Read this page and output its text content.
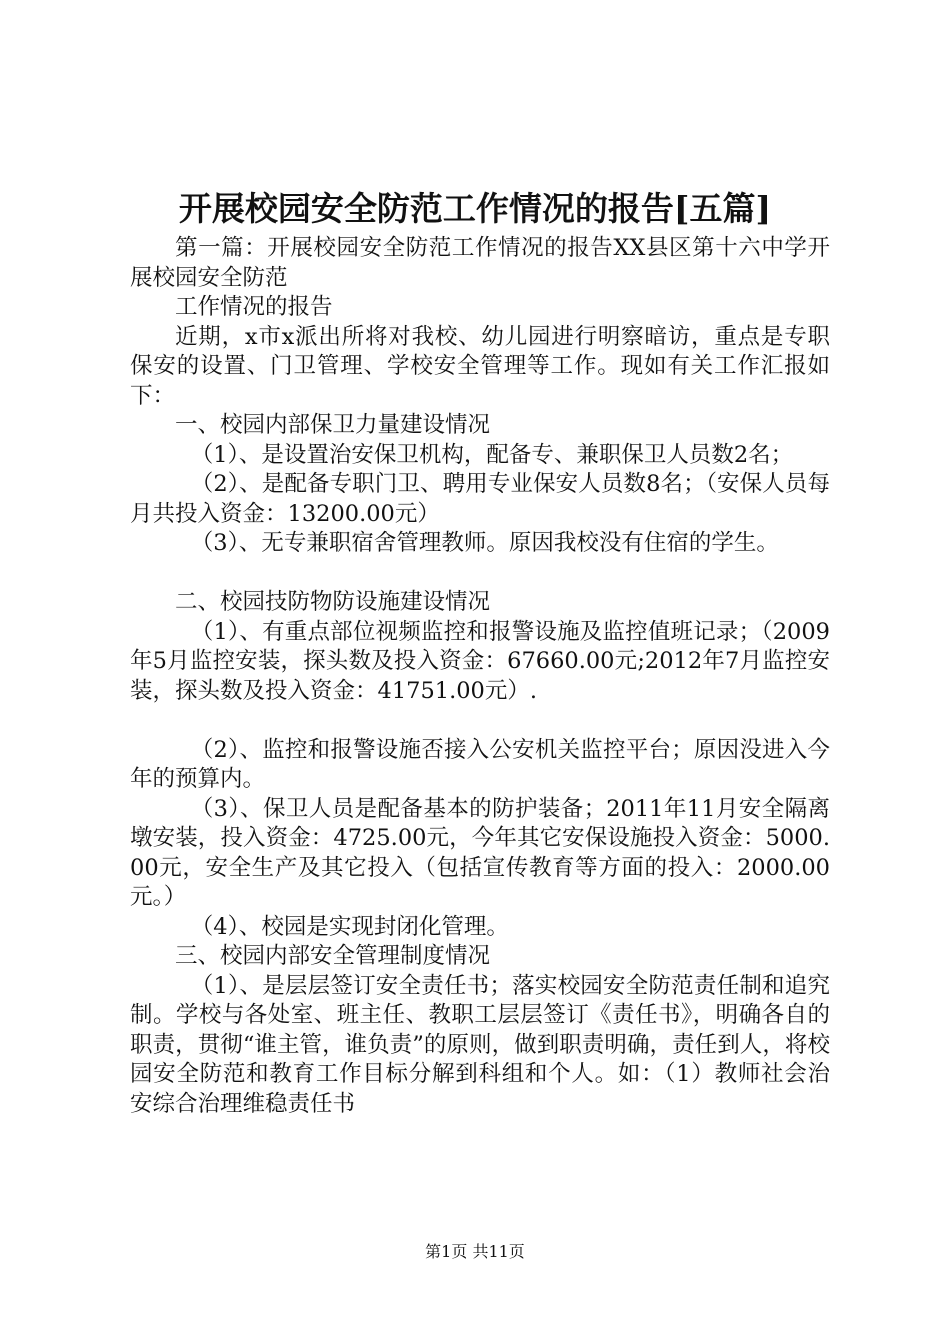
开展校园安全防范工作情况的报告[五篇]

第一篇：开展校园安全防范工作情况的报告XX县区第十六中学开展校园安全防范

工作情况的报告

近期，x市x派出所将对我校、幼儿园进行明察暗访，重点是专职保安的设置、门卫管理、学校安全管理等工作。现如有关工作汇报如下：

一、校园内部保卫力量建设情况

（1）、是设置治安保卫机构，配备专、兼职保卫人员数2名；

（2）、是配备专职门卫、聘用专业保安人员数8名；（安保人员每月共投入资金：13200.00元）

（3）、无专兼职宿舍管理教师。原因我校没有住宿的学生。

二、校园技防物防设施建设情况

（1）、有重点部位视频监控和报警设施及监控值班记录；（2009年5月监控安装，探头数及投入资金：67660.00元;2012年7月监控安装，探头数及投入资金：41751.00元）.

（2）、监控和报警设施否接入公安机关监控平台；原因没进入今年的预算内。

（3）、保卫人员是配备基本的防护装备；2011年11月安全隔离墩安装，投入资金：4725.00元，今年其它安保设施投入资金：5000.00元，安全生产及其它投入（包括宣传教育等方面的投入：2000.00元。）

（4）、校园是实现封闭化管理。

三、校园内部安全管理制度情况

（1）、是层层签订安全责任书；落实校园安全防范责任制和追究制。学校与各处室、班主任、教职工层层签订《责任书》，明确各自的职责，贯彻“谁主管，谁负责”的原则，做到职责明确，责任到人，将校园安全防范和教育工作目标分解到科组和个人。如：（1）教师社会治安综合治理维稳责任书

第1页 共11页
